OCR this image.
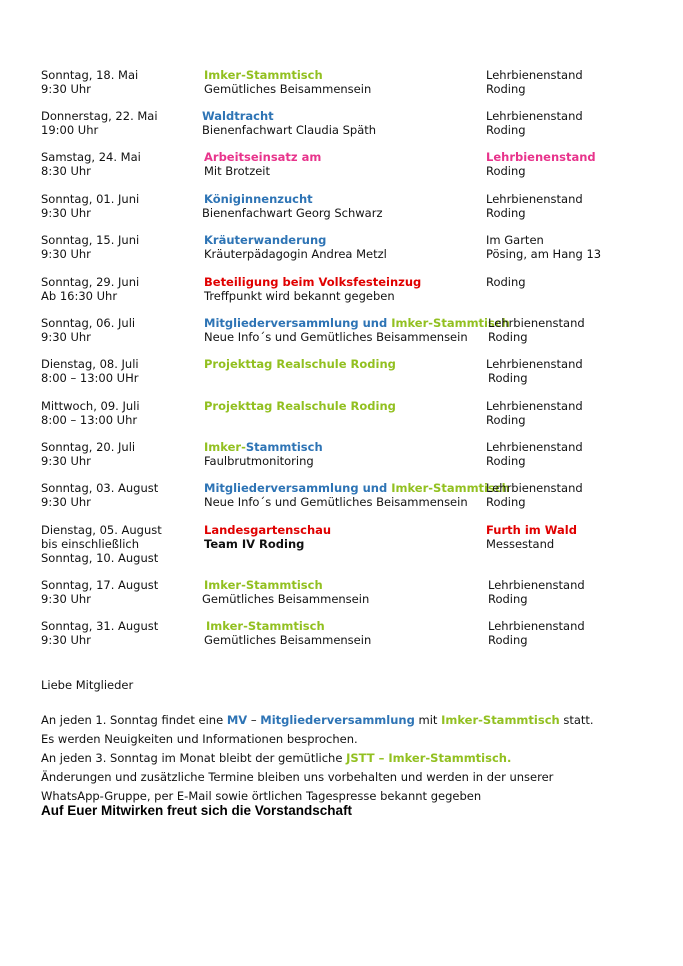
Sonntag, 18. Mai
9:30 Uhr
Imker-Stammtisch
Gemütliches Beisammensein
Lehrbienenstand
Roding
Donnerstag, 22. Mai
19:00 Uhr
Waldtracht
Bienenfachwart Claudia Späth
Lehrbienenstand
Roding
Samstag, 24. Mai
8:30 Uhr
Arbeitseinsatz am
Mit Brotzeit
Lehrbienenstand
Roding
Sonntag, 01. Juni
9:30 Uhr
Königinnenzucht
Bienenfachwart Georg Schwarz
Lehrbienenstand
Roding
Sonntag, 15. Juni
9:30 Uhr
Kräuterwanderung
Kräuterpädagogin Andrea Metzl
Im Garten
Pösing, am Hang 13
Sonntag, 29. Juni
Ab 16:30 Uhr
Beteiligung beim Volksfesteinzug
Treffpunkt wird bekannt gegeben
Roding
Sonntag, 06. Juli
9:30 Uhr
Mitgliederversammlung und Imker-Stammtisch
Neue Info´s und Gemütliches Beisammensein
Lehrbienenstand
Roding
Dienstag, 08. Juli
8:00 – 13:00 UHr
Projekttag Realschule Roding	Lehrbienenstand
Roding
Mittwoch, 09. Juli
8:00 – 13:00 Uhr
Projekttag Realschule Roding	Lehrbienenstand
Roding
Sonntag, 20. Juli
9:30 Uhr
Imker-Stammtisch
Faulbrutmonitoring
Lehrbienenstand
Roding
Sonntag, 03. August
9:30 Uhr
Mitgliederversammlung und Imker-Stammtisch
Neue Info´s und Gemütliches Beisammensein
Lehrbienenstand
Roding
Dienstag, 05. August
bis einschließlich
Sonntag, 10. August
Landesgartenschau
Team IV Roding
Furth im Wald
Messestand
Sonntag, 17. August
9:30 Uhr
Imker-Stammtisch
Gemütliches Beisammensein
Lehrbienenstand
Roding
Sonntag, 31. August
9:30 Uhr
Imker-Stammtisch
Gemütliches Beisammensein
Lehrbienenstand
Roding

Liebe Mitglieder

An jeden 1. Sonntag findet eine MV – Mitgliederversammlung mit Imker-Stammtisch statt.

Es werden Neuigkeiten und Informationen besprochen.

An jeden 3. Sonntag im Monat bleibt der gemütliche JSTT – Imker-Stammtisch.

Änderungen und zusätzliche Termine bleiben uns vorbehalten und werden in der unserer

WhatsApp-Gruppe, per E-Mail sowie örtlichen Tagespresse bekannt gegeben

Auf Euer Mitwirken freut sich die Vorstandschaft
